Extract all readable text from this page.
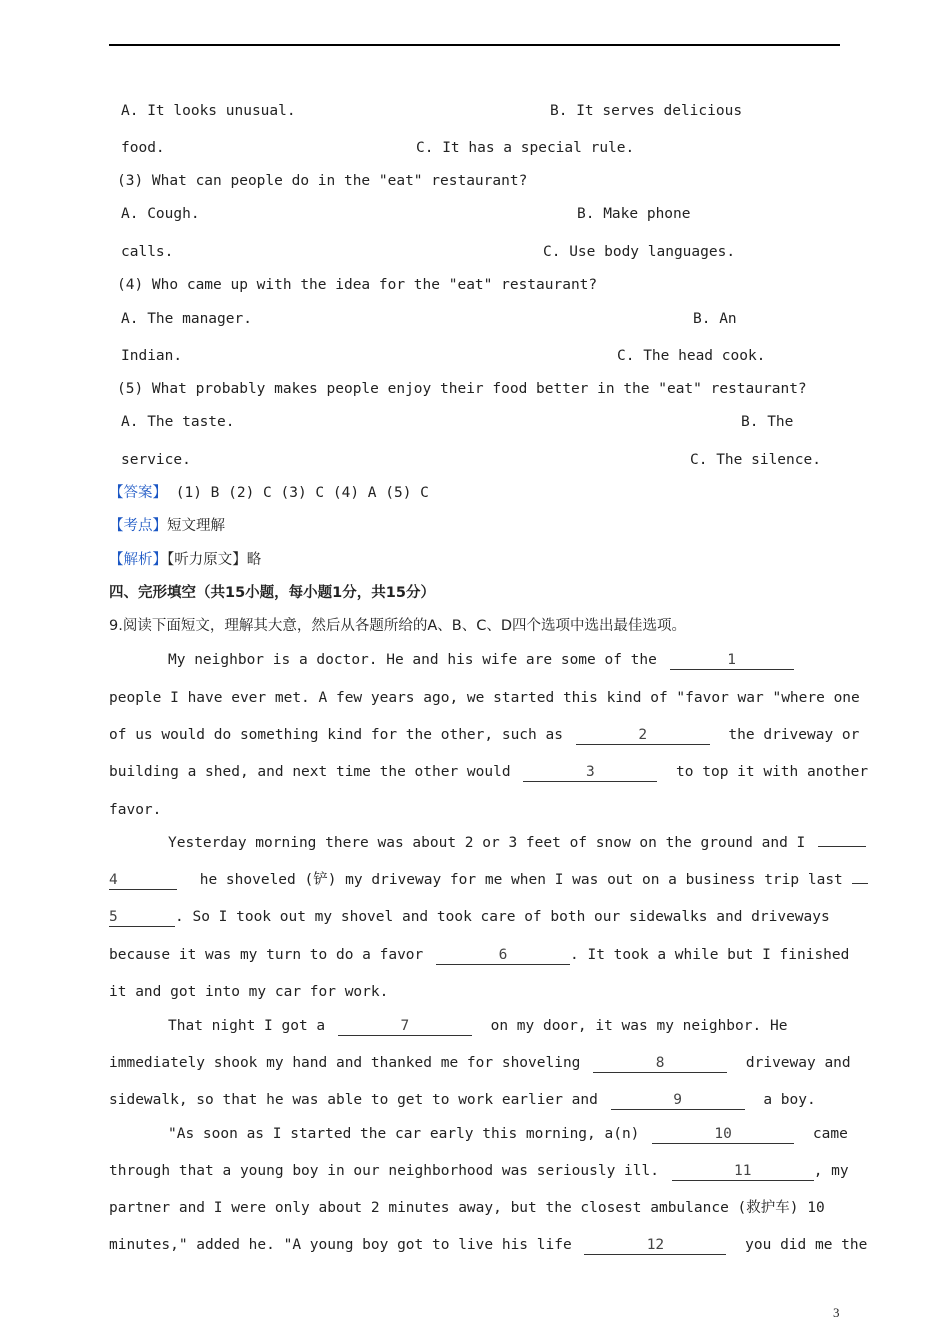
A. It looks unusual.	B. It serves delicious
food.	C. It has a special rule.
(3) What can people do in the "eat" restaurant?
A. Cough.	B. Make phone
calls.	C. Use body languages.
(4) Who came up with the idea for the "eat" restaurant?
A. The manager.	B. An
Indian.	C. The head cook.
(5) What probably makes people enjoy their food better in the "eat" restaurant?
A. The taste.	B. The
service.	C. The silence.
【答案】 (1) B (2) C (3) C (4) A (5) C
【考点】短文理解
【解析】【听力原文】略
四、完形填空（共15小题，每小题1分，共15分）
9.阅读下面短文，理解其大意，然后从各题所给的A、B、C、D四个选项中选出最佳选项。
My neighbor is a doctor. He and his wife are some of the	1
people I have ever met. A few years ago, we started this kind of "favor war "where one
of us would do something kind for the other, such as	2	the driveway or
building a shed, and next time the other would	3	to top it with another
favor.
Yesterday morning there was about 2 or 3 feet of snow on the ground and I
4	he shoveled (铲) my driveway for me when I was out on a business trip last
5	. So I took out my shovel and took care of both our sidewalks and driveways
because it was my turn to do a favor	6	. It took a while but I finished
it and got into my car for work.
That night I got a	7	on my door, it was my neighbor. He
immediately shook my hand and thanked me for shoveling	8	driveway and
sidewalk, so that he was able to get to work earlier and	9	a boy.
"As soon as I started the car early this morning, a(n)	10	came
through that a young boy in our neighborhood was seriously ill.	11	, my
partner and I were only about 2 minutes away, but the closest ambulance (救护车) 10
minutes," added he. "A young boy got to live his life	12	you did me the
3
